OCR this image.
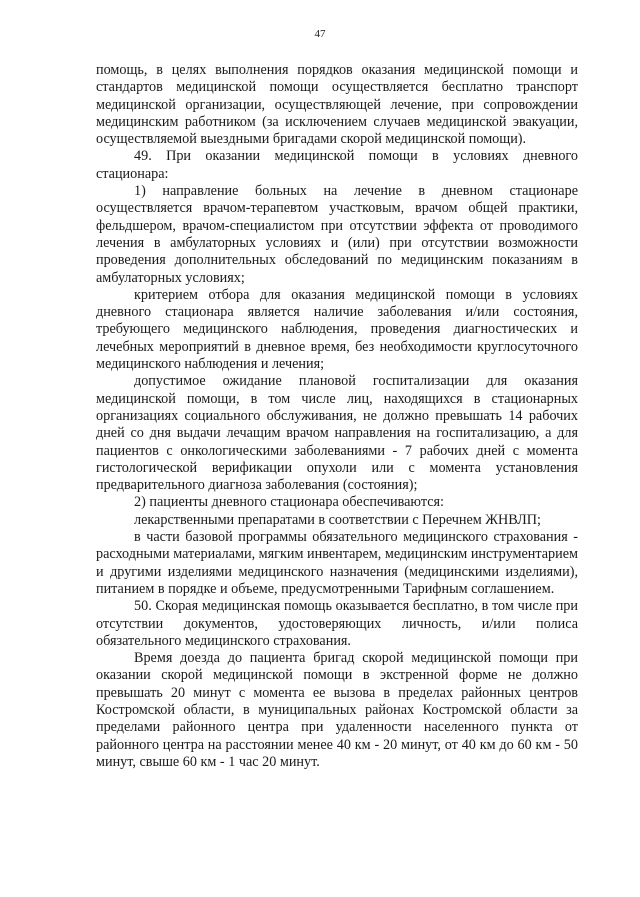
47

помощь, в целях выполнения порядков оказания медицинской помощи и стандартов медицинской помощи осуществляется бесплатно транспорт медицинской организации, осуществляющей лечение, при сопровождении медицинским работником (за исключением случаев медицинской эвакуации, осуществляемой выездными бригадами скорой медицинской помощи).

49. При оказании медицинской помощи в условиях дневного стационара:

1) направление больных на лечение в дневном стационаре осуществляется врачом-терапевтом участковым, врачом общей практики, фельдшером, врачом-специалистом при отсутствии эффекта от проводимого лечения в амбулаторных условиях и (или) при отсутствии возможности проведения дополнительных обследований по медицинским показаниям в амбулаторных условиях;

критерием отбора для оказания медицинской помощи в условиях дневного стационара является наличие заболевания и/или состояния, требующего медицинского наблюдения, проведения диагностических и лечебных мероприятий в дневное время, без необходимости круглосуточного медицинского наблюдения и лечения;

допустимое ожидание плановой госпитализации для оказания медицинской помощи, в том числе лиц, находящихся в стационарных организациях социального обслуживания, не должно превышать 14 рабочих дней со дня выдачи лечащим врачом направления на госпитализацию, а для пациентов с онкологическими заболеваниями - 7 рабочих дней с момента гистологической верификации опухоли или с момента установления предварительного диагноза заболевания (состояния);

2) пациенты дневного стационара обеспечиваются:

лекарственными препаратами в соответствии с Перечнем ЖНВЛП;

в части базовой программы обязательного медицинского страхования - расходными материалами, мягким инвентарем, медицинским инструментарием и другими изделиями медицинского назначения (медицинскими изделиями), питанием в порядке и объеме, предусмотренными Тарифным соглашением.

50. Скорая медицинская помощь оказывается бесплатно, в том числе при отсутствии документов, удостоверяющих личность, и/или полиса обязательного медицинского страхования.

Время доезда до пациента бригад скорой медицинской помощи при оказании скорой медицинской помощи в экстренной форме не должно превышать 20 минут с момента ее вызова в пределах районных центров Костромской области, в муниципальных районах Костромской области за пределами районного центра при удаленности населенного пункта от районного центра на расстоянии менее 40 км - 20 минут, от 40 км до 60 км - 50 минут, свыше 60 км - 1 час 20 минут.
